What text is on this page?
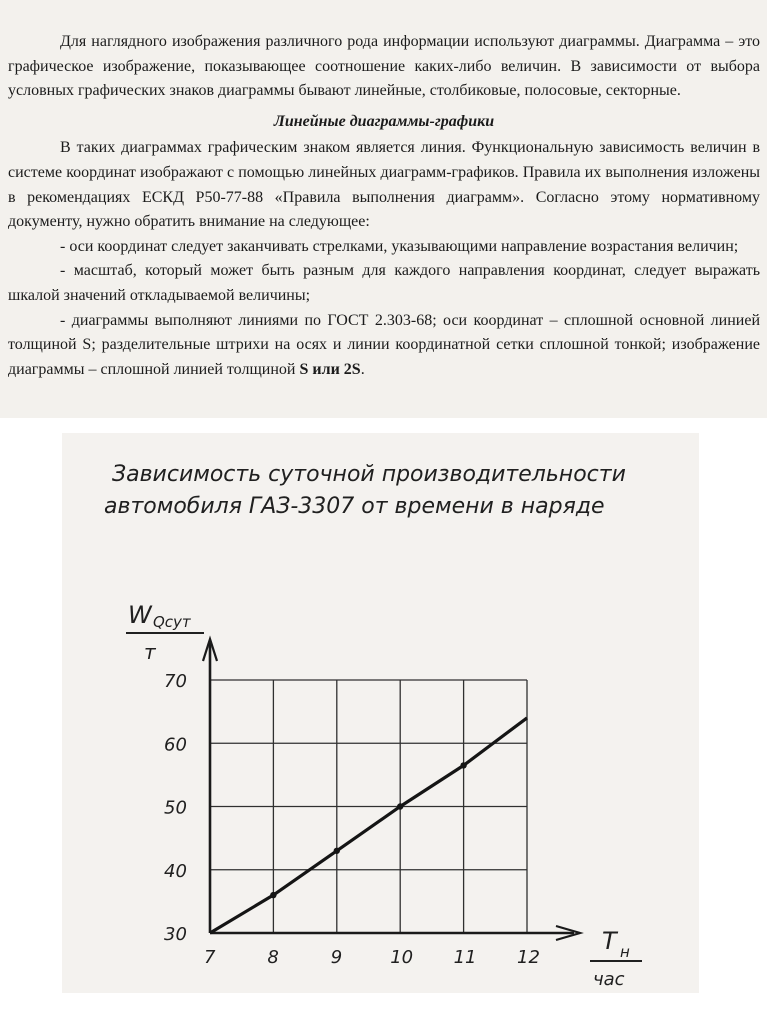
Для наглядного изображения различного рода информации используют диаграммы. Диаграмма – это графическое изображение, показывающее соотношение каких-либо величин. В зависимости от выбора условных графических знаков диаграммы бывают линейные, столбиковые, полосовые, секторные.

Линейные диаграммы-графики

В таких диаграммах графическим знаком является линия. Функциональную зависимость величин в системе координат изображают с помощью линейных диаграмм-графиков. Правила их выполнения изложены в рекомендациях ЕСКД Р50-77-88 «Правила выполнения диаграмм». Согласно этому нормативному документу, нужно обратить внимание на следующее:

- оси координат следует заканчивать стрелками, указывающими направление возрастания величин;

- масштаб, который может быть разным для каждого направления координат, следует выражать шкалой значений откладываемой величины;

- диаграммы выполняют линиями по ГОСТ 2.303-68; оси координат – сплошной основной линией толщиной S; разделительные штрихи на осях и линии координатной сетки сплошной тонкой; изображение диаграммы – сплошной линией толщиной S или 2S.

Зависимость суточной производительности
автомобиля ГАЗ-3307 от времени в наряде
W Qсут
т
T н
час
7	8	9	10 11 12
30
40
50
60
70
